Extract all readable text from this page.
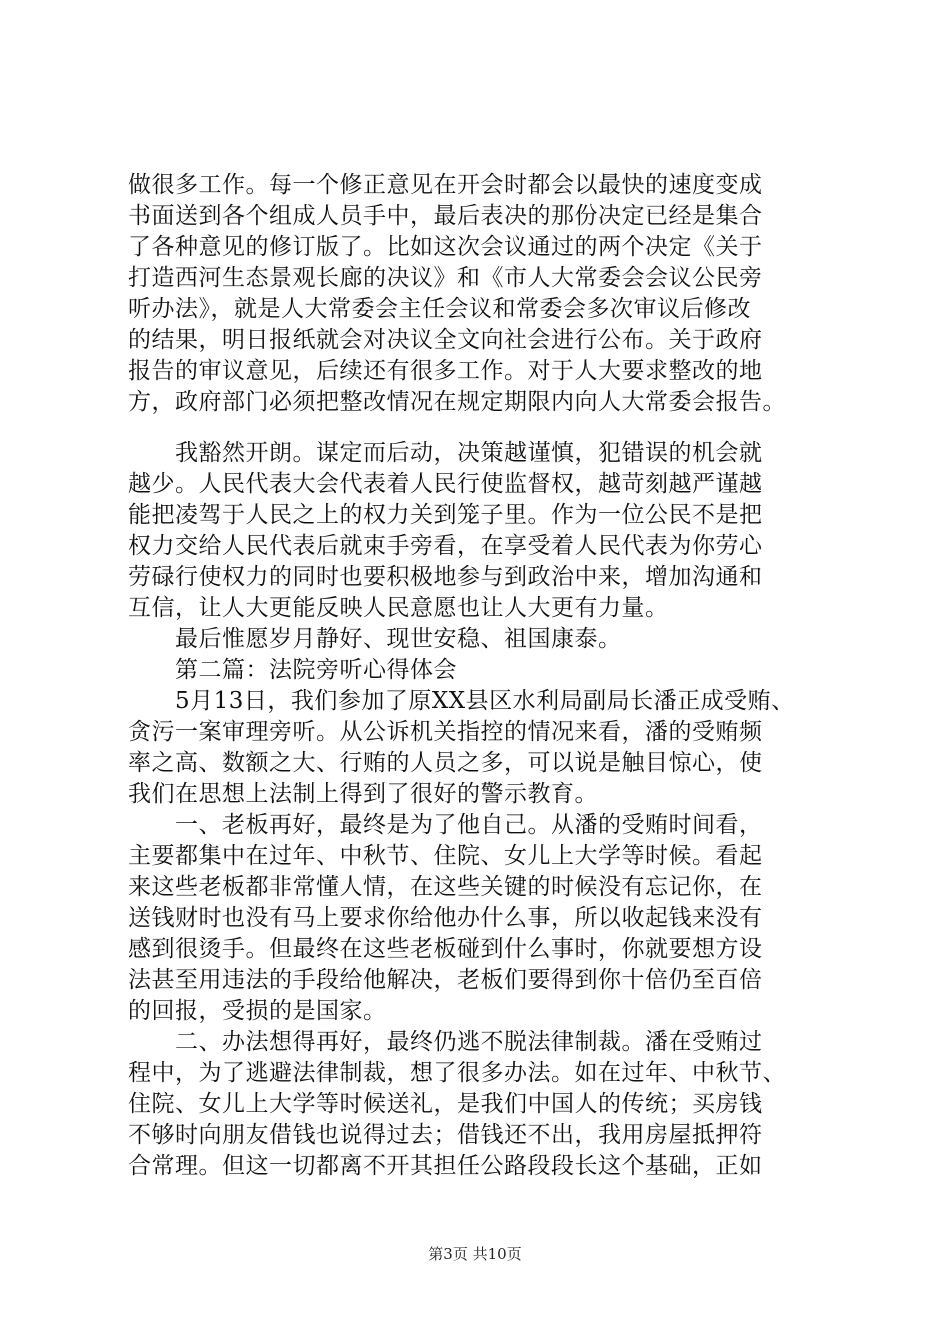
做很多工作。每一个修正意见在开会时都会以最快的速度变成
书面送到各个组成人员手中，最后表决的那份决定已经是集合
了各种意见的修订版了。比如这次会议通过的两个决定《关于
打造西河生态景观长廊的决议》和《市人大常委会会议公民旁
听办法》，就是人大常委会主任会议和常委会多次审议后修改
的结果，明日报纸就会对决议全文向社会进行公布。关于政府
报告的审议意见，后续还有很多工作。对于人大要求整改的地
方，政府部门必须把整改情况在规定期限内向人大常委会报告。
　　我豁然开朗。谋定而后动，决策越谨慎，犯错误的机会就
越少。人民代表大会代表着人民行使监督权，越苛刻越严谨越
能把凌驾于人民之上的权力关到笼子里。作为一位公民不是把
权力交给人民代表后就束手旁看，在享受着人民代表为你劳心
劳碌行使权力的同时也要积极地参与到政治中来，增加沟通和
互信，让人大更能反映人民意愿也让人大更有力量。
　　最后惟愿岁月静好、现世安稳、祖国康泰。
　　第二篇：法院旁听心得体会
　　5月13日，我们参加了原XX县区水利局副局长潘正成受贿、
贪污一案审理旁听。从公诉机关指控的情况来看，潘的受贿频
率之高、数额之大、行贿的人员之多，可以说是触目惊心，使
我们在思想上法制上得到了很好的警示教育。
　　一、老板再好，最终是为了他自己。从潘的受贿时间看，
主要都集中在过年、中秋节、住院、女儿上大学等时候。看起
来这些老板都非常懂人情，在这些关键的时候没有忘记你，在
送钱财时也没有马上要求你给他办什么事，所以收起钱来没有
感到很烫手。但最终在这些老板碰到什么事时，你就要想方设
法甚至用违法的手段给他解决，老板们要得到你十倍仍至百倍
的回报，受损的是国家。
　　二、办法想得再好，最终仍逃不脱法律制裁。潘在受贿过
程中，为了逃避法律制裁，想了很多办法。如在过年、中秋节、
住院、女儿上大学等时候送礼，是我们中国人的传统；买房钱
不够时向朋友借钱也说得过去；借钱还不出，我用房屋抵押符
合常理。但这一切都离不开其担任公路段段长这个基础，正如
第3页 共10页
